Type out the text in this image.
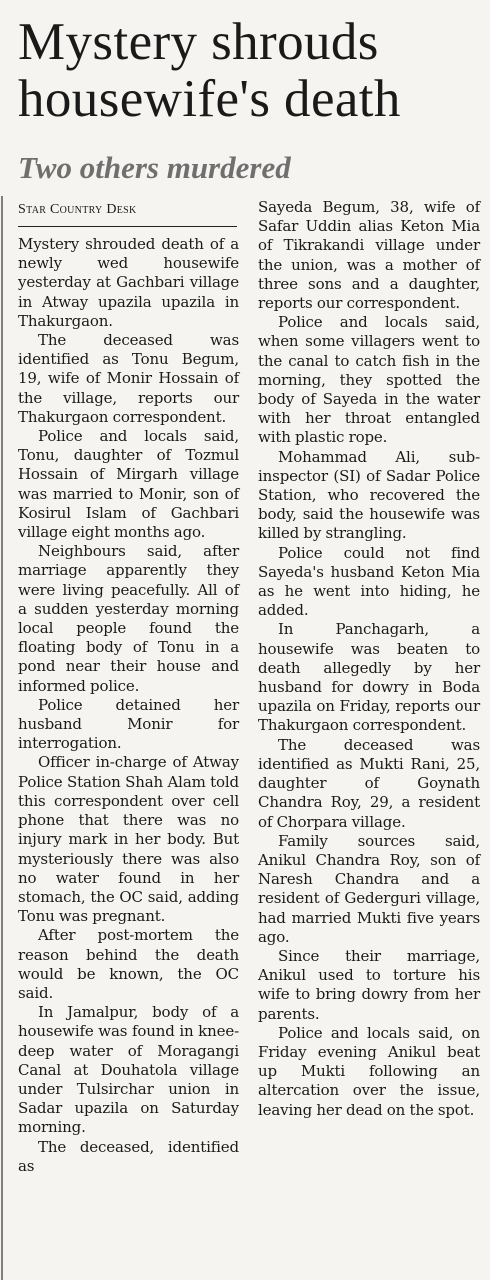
Mystery shrouds housewife's death
Two others murdered
Star Country Desk

Mystery shrouded death of a newly wed housewife yesterday at Gachbari village in Atway upazila upazila in Thakurgaon.

The deceased was identified as Tonu Begum, 19, wife of Monir Hossain of the village, reports our Thakurgaon correspondent.

Police and locals said, Tonu, daughter of Tozmul Hossain of Mirgarh village was married to Monir, son of Kosirul Islam of Gachbari village eight months ago.

Neighbours said, after marriage apparently they were living peacefully. All of a sudden yesterday morning local people found the floating body of Tonu in a pond near their house and informed police.

Police detained her husband Monir for interrogation.

Officer in-charge of Atway Police Station Shah Alam told this correspondent over cell phone that there was no injury mark in her body. But mysteriously there was also no water found in her stomach, the OC said, adding Tonu was pregnant.

After post-mortem the reason behind the death would be known, the OC said.

In Jamalpur, body of a housewife was found in knee-deep water of Moragangi Canal at Douhatola village under Tulsirchar union in Sadar upazila on Saturday morning.

The deceased, identified as

Sayeda Begum, 38, wife of Safar Uddin alias Keton Mia of Tikrakandi village under the union, was a mother of three sons and a daughter, reports our correspondent.

Police and locals said, when some villagers went to the canal to catch fish in the morning, they spotted the body of Sayeda in the water with her throat entangled with plastic rope.

Mohammad Ali, sub-inspector (SI) of Sadar Police Station, who recovered the body, said the housewife was killed by strangling.

Police could not find Sayeda's husband Keton Mia as he went into hiding, he added.

In Panchagarh, a housewife was beaten to death allegedly by her husband for dowry in Boda upazila on Friday, reports our Thakurgaon correspondent.

The deceased was identified as Mukti Rani, 25, daughter of Goynath Chandra Roy, 29, a resident of Chorpara village.

Family sources said, Anikul Chandra Roy, son of Naresh Chandra and a resident of Gederguri village, had married Mukti five years ago.

Since their marriage, Anikul used to torture his wife to bring dowry from her parents.

Police and locals said, on Friday evening Anikul beat up Mukti following an altercation over the issue, leaving her dead on the spot.
